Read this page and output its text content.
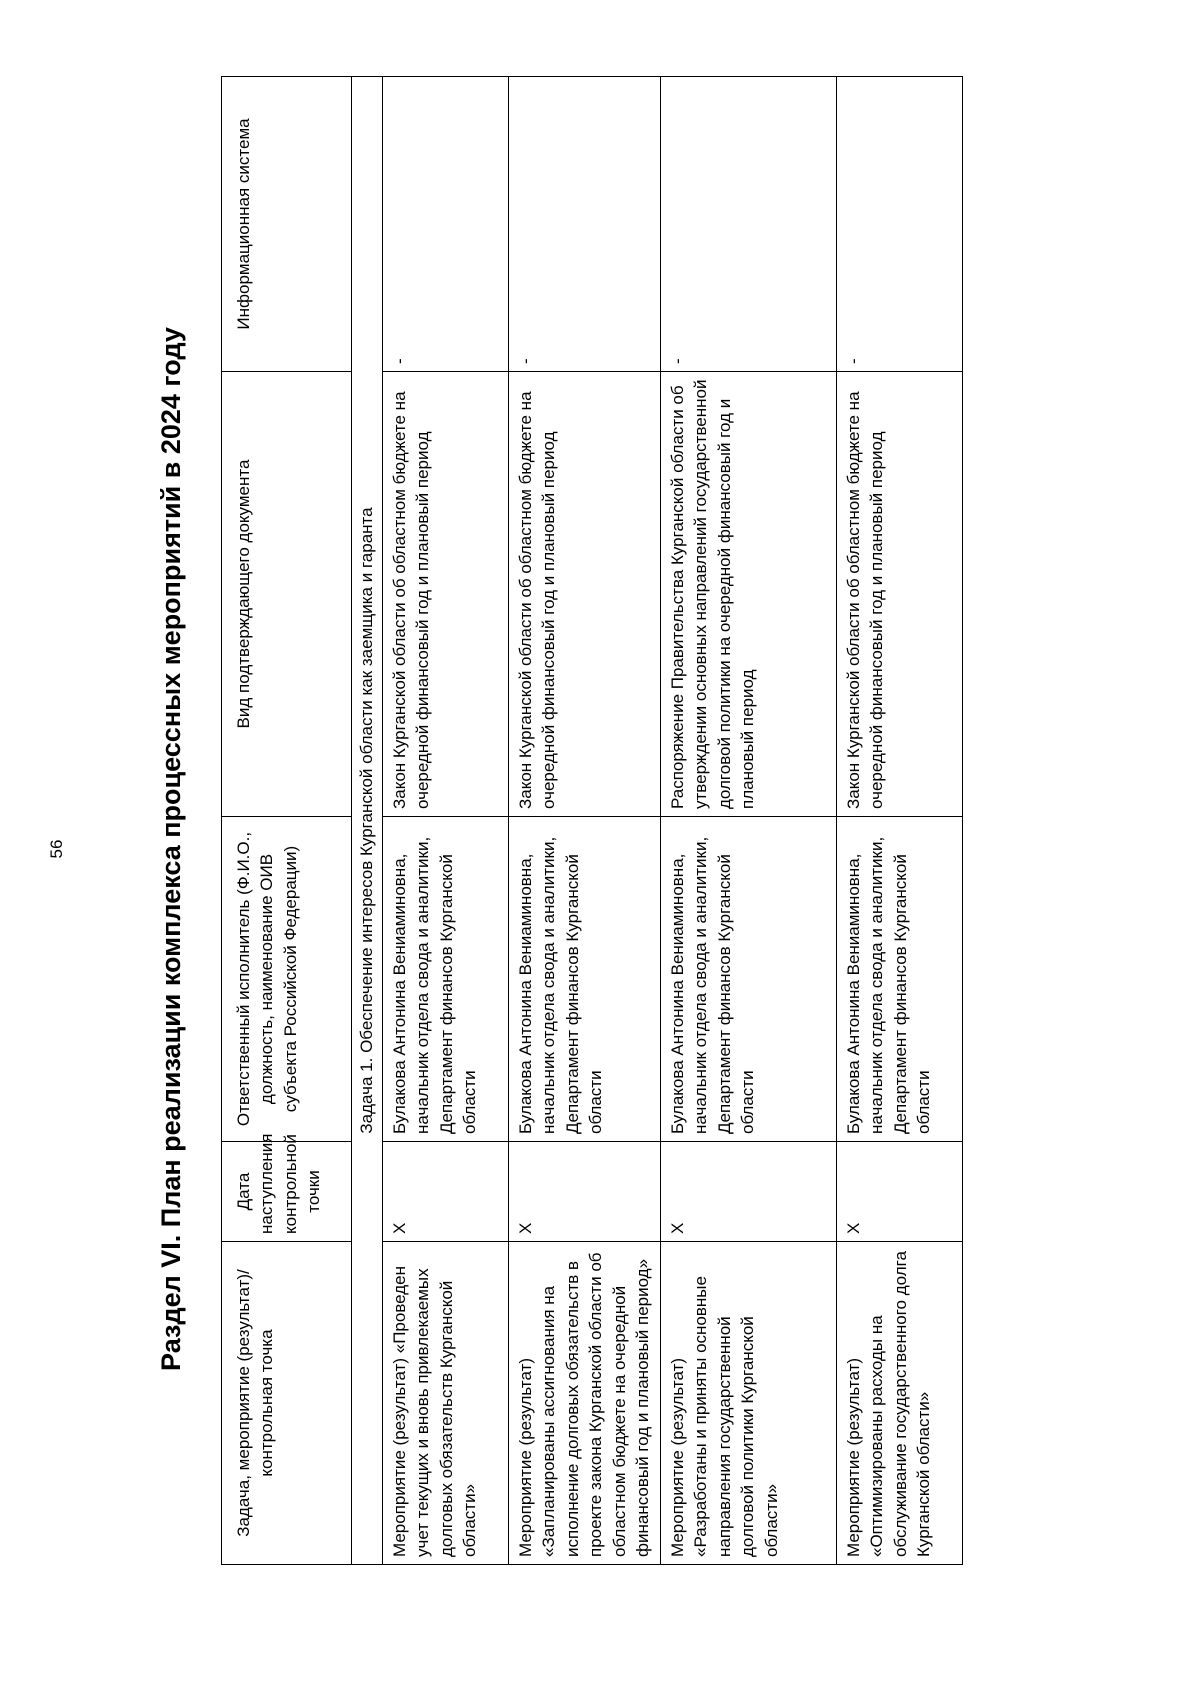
56	Раздел VI. План реализации комплекса процессных мероприятий в 2024 году
Задача, мероприятие (результат)/контрольная точка	Дата наступления контрольной точки	Ответственный исполнитель (Ф.И.О., должность, наименование ОИВ субъекта Российской Федерации)	Вид подтверждающего документа	Информационная система
Задача 1. Обеспечение интересов Курганской области как заемщика и гаранта				
Мероприятие (результат) «Проведен учет текущих и вновь привлекаемых долговых обязательств Курганской области»	X	Булакова Антонина Вениаминовна, начальник отдела свода и аналитики, Департамент финансов Курганской области	Закон Курганской области об областном бюджете на очередной финансовый год и плановый период	-
Мероприятие (результат) «Запланированы ассигнования на исполнение долговых обязательств в проекте закона Курганской области об областном бюджете на очередной финансовый год и плановый период»	X	Булакова Антонина Вениаминовна, начальник отдела свода и аналитики, Департамент финансов Курганской области	Закон Курганской области об областном бюджете на очередной финансовый год и плановый период	-
Мероприятие (результат) «Разработаны и приняты основные направления государственной долговой политики Курганской области»	X	Булакова Антонина Вениаминовна, начальник отдела свода и аналитики, Департамент финансов Курганской области	Распоряжение Правительства Курганской области об утверждении основных направлений государственной долговой политики на очередной финансовый год и плановый период	-
Мероприятие (результат) «Оптимизированы расходы на обслуживание государственного долга Курганской области»	X	Булакова Антонина Вениаминовна, начальник отдела свода и аналитики, Департамент финансов Курганской области	Закон Курганской области об областном бюджете на очередной финансовый год и плановый период	-
